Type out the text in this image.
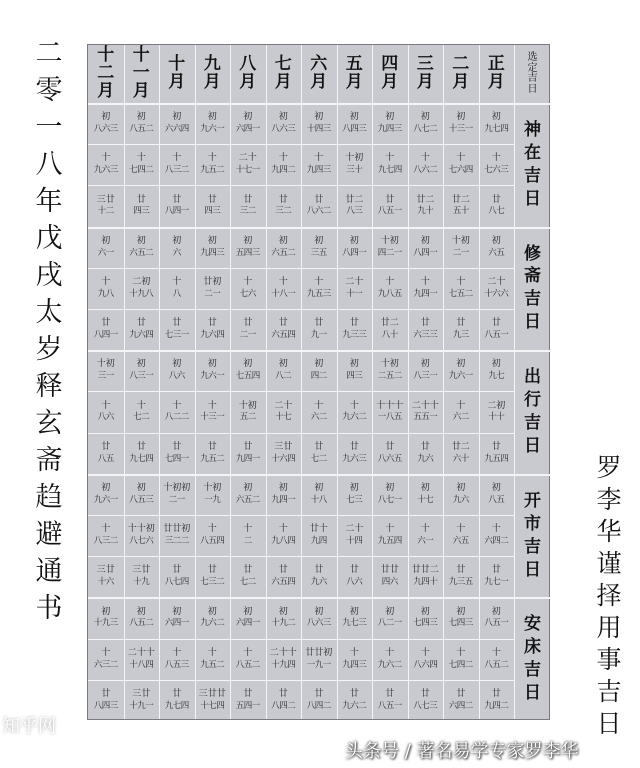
二
零
一
八
年
戊
戌
太
岁
释
玄
斋
趋
避
通
书
罗
李
华
谨
择
用
事
吉
日
十
二
月
十
一
月
十
月
九
月
八
月
七
月
六
月
五
月
四
月
三
月
二
月
正
月
选
定
吉
日
初
八六三
初
八五二
初
六六四
初
九六一
初
六四一
初
八六三
初
十四三
初
八四三
初
九四三
初
八七二
初
十三一
初
九七四
十
九六三
十
七四二
十
八三二
十
九五二
二十
十七一
十
九四二
十
九四三
十初
三十
十
九七四
十
八六二
十
七六四
十
七六三
三廿
十二
廿
四三
廿
八四一
廿
四三
廿
三二
廿
三二
廿
八六二
廿二
八三
廿
八五一
廿二
九十
廿二
五十
廿
八七
神
在
吉
日
初
六一
初
六五二
初
六
初
九四三
初
五四三
初
六五二
初
三五
初
八四一
十初
四二一
初
八四一
十初
二一
初
六五
十
九八
二初
十九八
十
八
廿初
二一
十
七六
十
十八一
十
九五三
二十
十一
十
九八五
十
九四一
十
七五二
二十
十六六
廿
八四一
廿
九六四
廿
七三一
廿
九六四
廿
二一
廿
六五四
廿
九一
廿
九三三
廿二
八十
廿
六三三
廿
九三
廿
八五一
修
斋
吉
日
十初
三一
初
八三一
初
八六
初
九六一
初
七五四
初
八二
初
四二
初
四三
十初
二五二
初
八三一
初
九六一
初
九七
十
八六
十
七二
十
八二二
十
十三一
十初
五二
二十
十七
十
六二
十
九六二
十十十
一八五
二十十
五五一
十
六二
二初
十十
廿
八五
廿
九七四
廿
七四一
廿
九五二
廿
九四一
三廿
十六四
廿
七二
廿
九六三
廿
八六五
廿
九六
廿二
六十
廿
九五四
出
行
吉
日
初
九六一
初
八五三
十初初
二一
十初
一九
初
六五二
初
九四一
初
十八
初
七三
初
八七一
初
十七
初
九六
初
八五
十
八三二
十十初
八七六
廿廿初
三二二
十
八五四
十
二
十
九八四
廿十
九四
二十
十四
十
九五四
十
六一
十
六五
十
六四二
三廿
十六
三廿
十九
廿
八七四
廿
七三二
廿
七二
廿
六五四
廿
九六
廿
八六
廿廿
四六
廿廿二
九四十
廿
九三五
廿
九七一
开
市
吉
日
初
十九三
初
八五二
初
六四一
初
九六二
初
六四一
初
十九二
初
八六三
初
九七三
初
八二一
初
七四三
初
七四三
初
八五一
十
六三二
二十十
十八四
十
八五三
十
九五二
十
八五二
二十十
十九四
廿廿初
一九一
十
九四三
十
九六二
十
八六四
十
七四二
十
八五二
廿
八四三
三廿
十九一
廿
九七四
三廿廿
十七四
廿
五四一
廿
八四二
廿
八四二
廿
九六二
廿
八五一
廿
八七三
廿
六四二
廿
九四二
安
床
吉
日
头条号 / 著名易学专家罗李华
知乎网
